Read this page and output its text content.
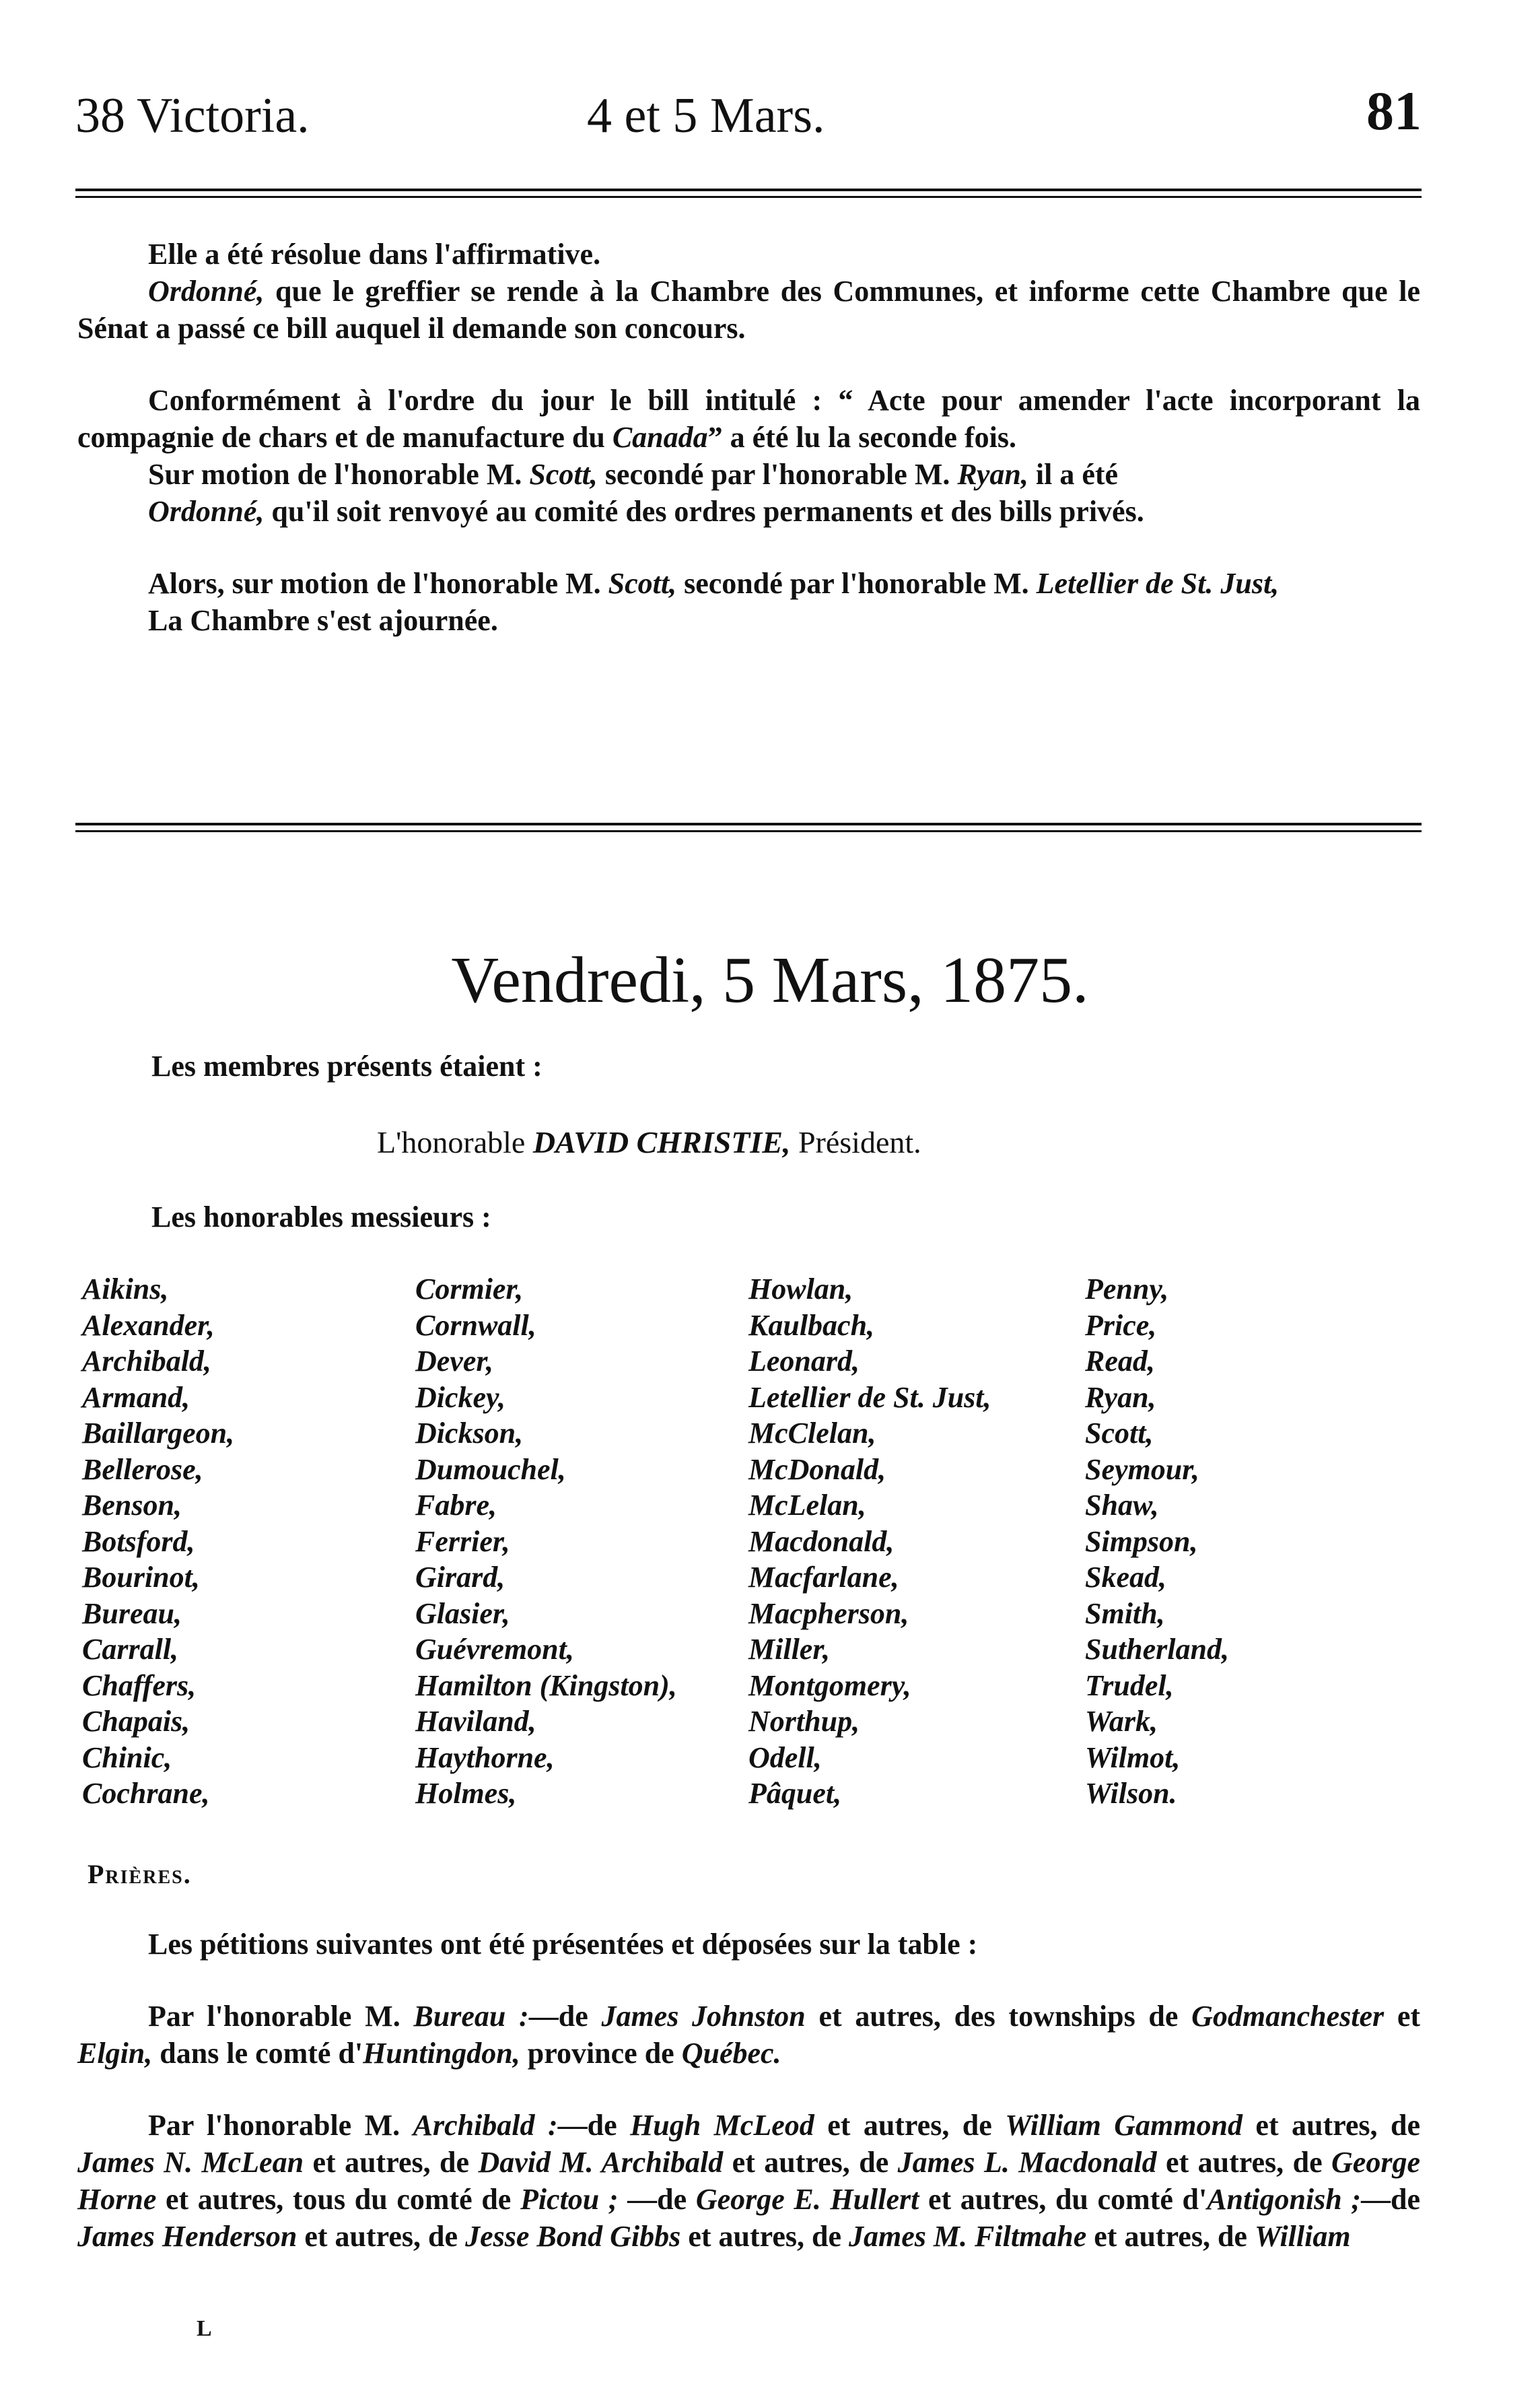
38 Victoria.	4 et 5 Mars.	81

Elle a été résolue dans l'affirmative.

Ordonné, que le greffier se rende à la Chambre des Communes, et informe cette Chambre que le Sénat a passé ce bill auquel il demande son concours.

Conformément à l'ordre du jour le bill intitulé : “ Acte pour amender l'acte incorporant la compagnie de chars et de manufacture du Canada” a été lu la seconde fois.

Sur motion de l'honorable M. Scott, secondé par l'honorable M. Ryan, il a été

Ordonné, qu'il soit renvoyé au comité des ordres permanents et des bills privés.

Alors, sur motion de l'honorable M. Scott, secondé par l'honorable M. Letellier de St. Just,

La Chambre s'est ajournée.

Vendredi, 5 Mars, 1875.
Les membres présents étaient :
L'honorable DAVID CHRISTIE, Président.
Les honorables messieurs :
Aikins,
Alexander,
Archibald,
Armand,
Baillargeon,
Bellerose,
Benson,
Botsford,
Bourinot,
Bureau,
Carrall,
Chaffers,
Chapais,
Chinic,
Cochrane,
Cormier,
Cornwall,
Dever,
Dickey,
Dickson,
Dumouchel,
Fabre,
Ferrier,
Girard,
Glasier,
Guévremont,
Hamilton (Kingston),
Haviland,
Haythorne,
Holmes,
Howlan,
Kaulbach,
Leonard,
Letellier de St. Just,
McClelan,
McDonald,
McLelan,
Macdonald,
Macfarlane,
Macpherson,
Miller,
Montgomery,
Northup,
Odell,
Pâquet,
Penny,
Price,
Read,
Ryan,
Scott,
Seymour,
Shaw,
Simpson,
Skead,
Smith,
Sutherland,
Trudel,
Wark,
Wilmot,
Wilson.
Prières.

Les pétitions suivantes ont été présentées et déposées sur la table :

Par l'honorable M. Bureau :—de James Johnston et autres, des townships de Godmanchester et Elgin, dans le comté d'Huntingdon, province de Québec.

Par l'honorable M. Archibald :—de Hugh McLeod et autres, de William Gammond et autres, de James N. McLean et autres, de David M. Archibald et autres, de James L. Macdonald et autres, de George Horne et autres, tous du comté de Pictou ; —de George E. Hullert et autres, du comté d'Antigonish ;—de James Henderson et autres, de Jesse Bond Gibbs et autres, de James M. Filtmahe et autres, de William

L
